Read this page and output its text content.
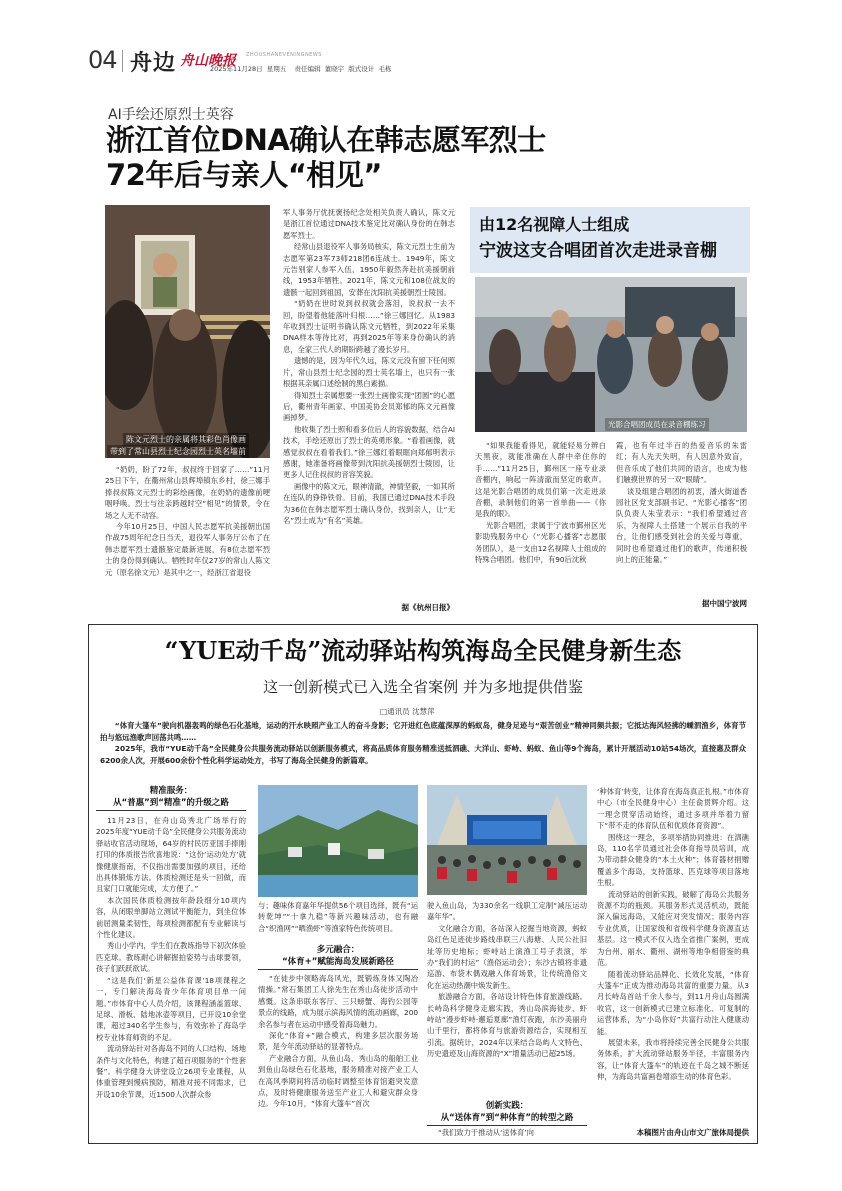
04 舟边 舟山晚报 ZHOUSHANEVENINGNEWS
2025年11月28日  星期五    责任编辑  董晓宇  版式设计  毛栋
AI手绘还原烈士英容
浙江首位DNA确认在韩志愿军烈士
72年后与亲人“相见”
陈文元烈士的亲属将其彩色肖像画
带到了常山县烈士纪念园烈士英名墙前

“奶奶，盼了72年，叔叔终于回家了……”11月25日下午，在衢州常山县辉埠镇东乡村，徐三娜手捧叔叔陈文元烈士的彩绘画像，在奶奶的遗像前哽咽呼唤。烈士与往亲跨越时空“相见”的情景，令在场之人无不动容。

今年10月25日，中国人民志愿军抗美援朝出国作战75周年纪念日当天，退役军人事务厅公布了在韩志愿军烈士遗骸鉴定最新进展，有8位志愿军烈士的身份得到确认。牺牲时年仅27岁的常山人陈文元（原名徐文元）是其中之一，经浙江省退役

军人事务厅优抚褒扬纪念处相关负责人确认，陈文元是浙江首位通过DNA技术鉴定比对确认身份的在韩志愿军烈士。

经常山县退役军人事务局核实，陈文元烈士生前为志愿军第23军73师218团6连战士。1949年，陈文元告别家人参军入伍，1950年毅然奔赴抗美援朝前线，1953年牺牲。2021年，陈文元和108位战友的遗骸一起回到祖国，安葬在沈阳抗美援朝烈士陵园。

“奶奶在世时说到叔叔就会落泪，说叔叔一去不回，盼望着他能落叶归根……”徐三娜回忆。从1983年收到烈士证明书确认陈文元牺牲，到2022年采集DNA样本等待比对，再到2025年等来身份确认的消息，全家三代人的期盼跨越了漫长岁月。

遗憾的是，因为年代久远，陈文元没有留下任何照片，常山县烈士纪念园的烈士英名墙上，也只有一张根据其亲属口述绘制的黑白素描。

得知烈士亲属想要一张烈士画像实现“团圆”的心愿后，衢州青年画家、中国美协会员郑郁的陈文元画像画掉梦。

他收集了烈士照和看多位后人的容貌数据，结合AI技术，手绘还原出了烈士的英勇形象。“看着画像，就感觉叔叔在看着我们。”徐三娜红着眼眶向郑郁明表示感谢，她准备将画像带到沈阳抗美援朝烈士陵园，让更多人记住叔叔的音容笑貌。

画像中的陈文元，眼神清澈，神情坚毅，一如其所在连队的铮铮铁骨。目前，我国已通过DNA技术手段为36位在韩志愿军烈士确认身份，找到亲人，让“无名”烈士成为“有名”英雄。

据《杭州日报》
由12名视障人士组成
宁波这支合唱团首次走进录音棚
光影合唱团成员在录音棚练习

“如果我能看得见，就能轻易分辨白天黑夜，就能准确在人群中牵住你的手……”11月25日，鄞州区一座专业录音棚内，响起一阵清澈而坚定的歌声。这是光影合唱团的成员们第一次走进录音棚，录制他们的第一首单曲——《你是我的眼》。

光影合唱团，隶属于宁波市鄞州区光影助残服务中心（“光影心播客”志愿服务团队），是一支由12名视障人士组成的特殊合唱团。他们中，有90后沈秋

霞，也有年过半百的热爱音乐的朱雷红；有人先天失明，有人因意外致盲，但音乐成了他们共同的语言，也成为他们触摸世界的另一双“眼睛”。

谈及组建合唱团的初衷，潘火街道香园社区党支部副书记、“光影心播客”团队负责人朱莹表示：“我们希望通过音乐，为视障人士搭建一个展示自我的平台，让他们感受到社会的关爱与尊重，同时也希望通过他们的歌声，传递积极向上的正能量。”

据中国宁波网
“YUE动千岛”流动驿站构筑海岛全民健身新生态
这一创新模式已入选全省案例 并为多地提供借鉴
□通讯员 沈慧萍

“体育大篷车”驶向机器轰鸣的绿色石化基地，运动的汗水映照产业工人的奋斗身影；它开进红色底蕴深厚的蚂蚁岛，健身足迹与“艰苦创业”精神同频共振；它抵达海风轻拂的嵊泗渔乡，体育节拍与悠远渔歌声回荡共鸣……

2025年，我市“YUE动千岛”全民健身公共服务流动驿站以创新服务模式，将高品质体育服务精准送抵泗礁、大洋山、虾峙、蚂蚁、鱼山等9个海岛，累计开展活动10站54场次，直接惠及群众6200余人次，开展600余份个性化科学运动处方，书写了海岛全民健身的新篇章。

精准服务：

从“普惠”到“精准”的升级之路

11月23日，在舟山岛秀北广场举行的2025年度“YUE动千岛”全民健身公共服务流动驿站收官活动现场，64岁的村民厉亚国手捧刚打印的体质报告欣喜地说：“这份‘运动处方’就像健康指南，不仅指出需要加强的项目，还给出具体锻炼方法。体质检测还是头一回做，而且家门口就能完成，太方便了。”

本次国民体质检测按年龄段细分10项内容，从闭眼单脚站立测试平衡能力，到坐位体前屈测量柔韧性，每项检测都配有专业解读与个性化建议。

秀山小学内，学生们在教练指导下初次体验匹克球。教练耐心讲解握拍姿势与击球要领，孩子们跃跃欲试。

“这是我们‘新星公益体育课’18项课程之一，专门解决海岛青少年体育项目单一问题。”市体育中心人员介绍，该课程涵盖篮球、足球、滑板、陆地冰壶等项目，已开设10余堂课，超过340名学生参与，有效弥补了海岛学校专业体育师资的不足。

流动驿站针对各海岛不同的人口结构、场地条件与文化特色，构建了超百项服务的“个性套餐”。科学健身大讲堂设立26项专业课程，从体重管理到慢病预防，精准对接不同需求，已开设10余节课，近1500人次群众参

与；趣味体育嘉年华提供56个项目选择，既有“运转乾坤”“十拿九稳”等新兴趣味活动，也有融合“织渔网”“晒渔虾”等渔家特色传统项目。

多元融合：

“体育+”赋能海岛发展新路径

“在徒步中领略海岛风光，既锻炼身体又陶冶情操。”常石集团工人徐先生在秀山岛徒步活动中感慨。这条串联东客厅、三只螃蟹、海钓公园等景点的线路，成为展示滨海风情的流动画廊，200余名参与者在运动中感受着海岛魅力。

深化“体育+”融合模式，构建多层次服务场景，是今年流动驿站的显著特点。

产业融合方面，从鱼山岛、秀山岛的船舶工业到鱼山岛绿色石化基地，服务精准对接产业工人在高风季期间将活动临时调整至体育馆避突发意点，及时将健康服务送至产业工人和避灾群众身边。今年10月，“体育大篷车”首次

驶入鱼山岛，为330余名一线职工定制“减压运动嘉年华”。

文化融合方面，各站深入挖掘当地资源，蚂蚁岛红色足迹徒步路线串联三八海塘、人民公社旧址等历史地标；虾峙站上演渔工号子表演，举办“我们的村运”（渔俗运动会）；东沙古镇将非遗巡游、布袋木偶戏融入体育场景，让传统渔俗文化在运动热潮中焕发新生。

旅游融合方面，各站设计特色体育旅游线路。长峙岛科学健身走廊实践，秀山岛滨海徒步、虾峙站“漫步虾峙·邂逅夏廊”渔灯夜跑，东沙美丽舟山千里行，都将体育与旅游资源结合，实现相互引流。据统计，2024年以来结合岛屿人文特色、历史遗迹及山海资源的“X”增量活动已超25场。

创新实践：

从“送体育”到“种体育”的转型之路

“我们致力于推动从‘送体育’向

‘种体育’转变，让体育在海岛真正扎根。”市体育中心（市全民健身中心）主任俞贯辉介绍。这一理念贯穿活动始终，通过多项并举着力留下“带不走的体育队伍和优质体育资源”。

围绕这一理念，多项举措协同推进：在泗礁岛，110名学员通过社会体育指导员培训，成为带动群众健身的“本土火种”；体育器材捐赠覆盖多个海岛，支持篮球、匹克球等项目落地生根。

流动驿站的创新实践，破解了海岛公共服务资源不均的瓶颈。其服务形式灵活机动，既能深入偏远海岛，又能应对突发情况；服务内容专业优质，让国家级和省级科学健身资源直达基层。这一模式不仅入选全省推广案例，更成为台州、丽水、衢州、湖州等地争相借鉴的典范。

随着流动驿站品牌化、长效化发展，“体育大篷车”正成为推动海岛共富的重要力量。从3月长峙岛首站千余人参与，到11月舟山岛圆满收官，这一创新模式已建立标准化、可复制的运营体系，为“小岛你好”共富行动注入健康动能。

展望未来，我市将持续完善全民健身公共服务体系，扩大流动驿站服务半径，丰富服务内容，让“体育大篷车”的轨迹在千岛之城不断延伸，为海岛共富画卷增添生动的体育色彩。

本稿图片由舟山市文广旅体局提供
